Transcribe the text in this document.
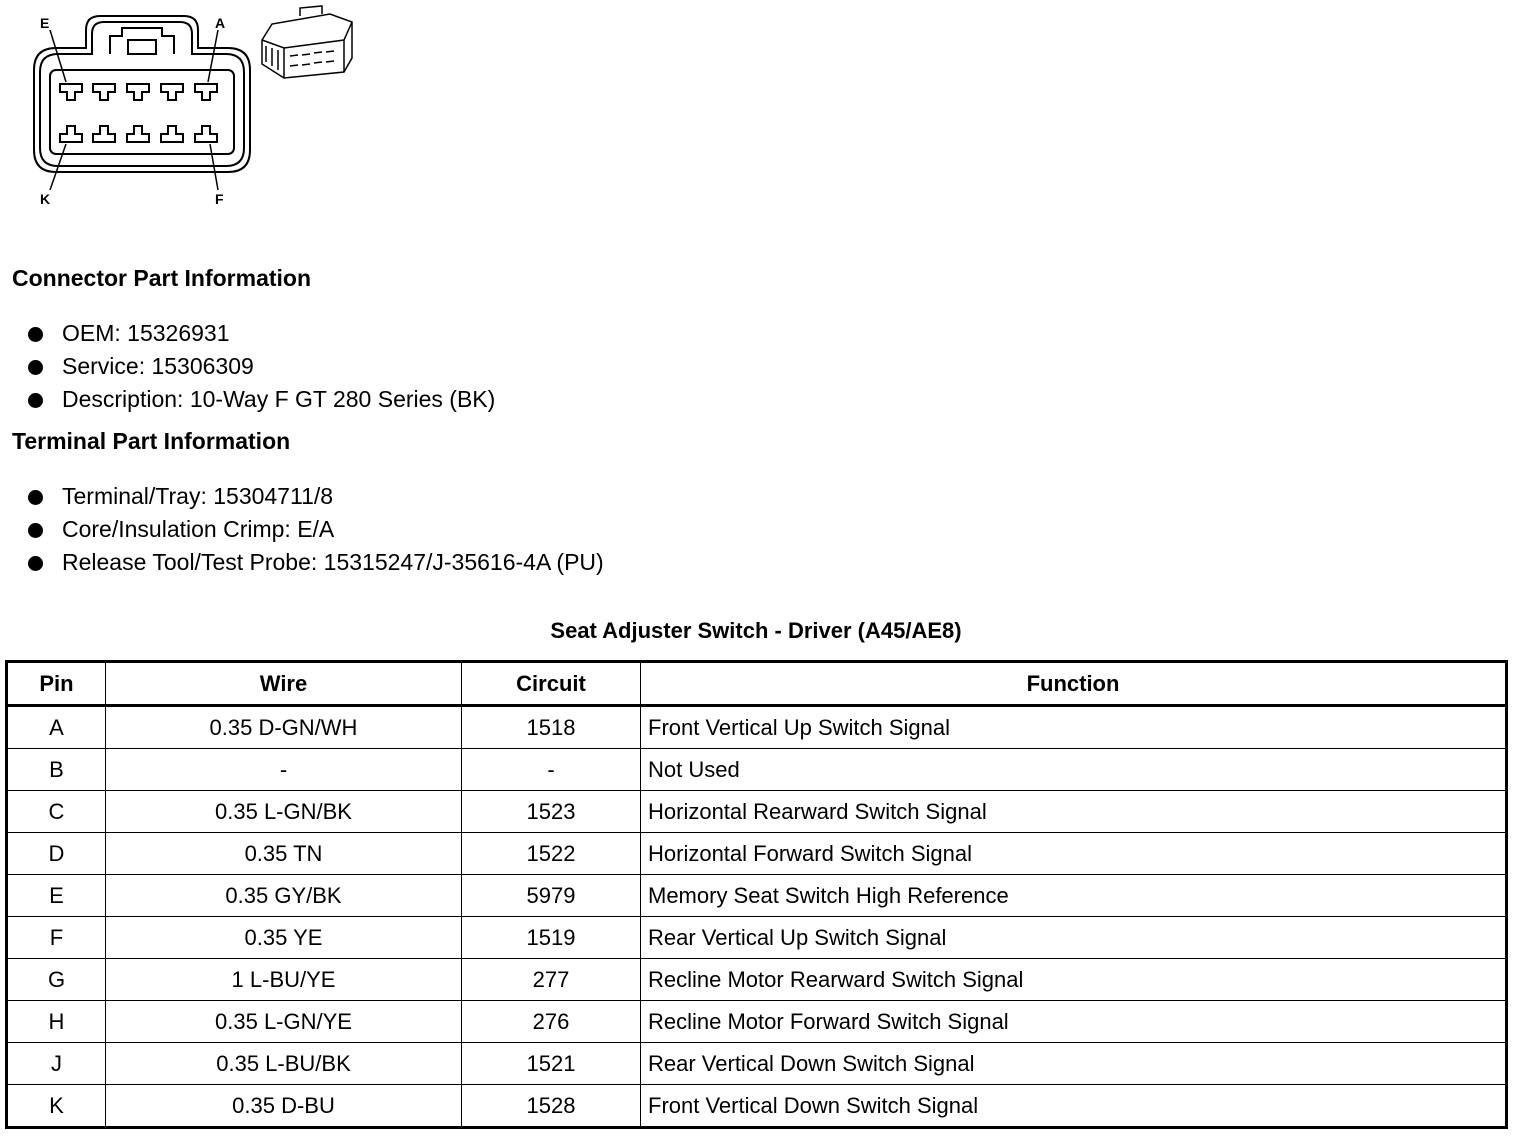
E	A
K	F
Connector Part Information
OEM: 15326931
Service: 15306309
Description: 10-Way F GT 280 Series (BK)
Terminal Part Information
Terminal/Tray: 15304711/8
Core/Insulation Crimp: E/A
Release Tool/Test Probe: 15315247/J-35616-4A (PU)
Seat Adjuster Switch - Driver (A45/AE8)
Pin	Wire	Circuit	Function
A	0.35 D-GN/WH	1518	Front Vertical Up Switch Signal
B	-	-	Not Used
C	0.35 L-GN/BK	1523	Horizontal Rearward Switch Signal
D	0.35 TN	1522	Horizontal Forward Switch Signal
E	0.35 GY/BK	5979	Memory Seat Switch High Reference
F	0.35 YE	1519	Rear Vertical Up Switch Signal
G	1 L-BU/YE	277	Recline Motor Rearward Switch Signal
H	0.35 L-GN/YE	276	Recline Motor Forward Switch Signal
J	0.35 L-BU/BK	1521	Rear Vertical Down Switch Signal
K	0.35 D-BU	1528	Front Vertical Down Switch Signal
